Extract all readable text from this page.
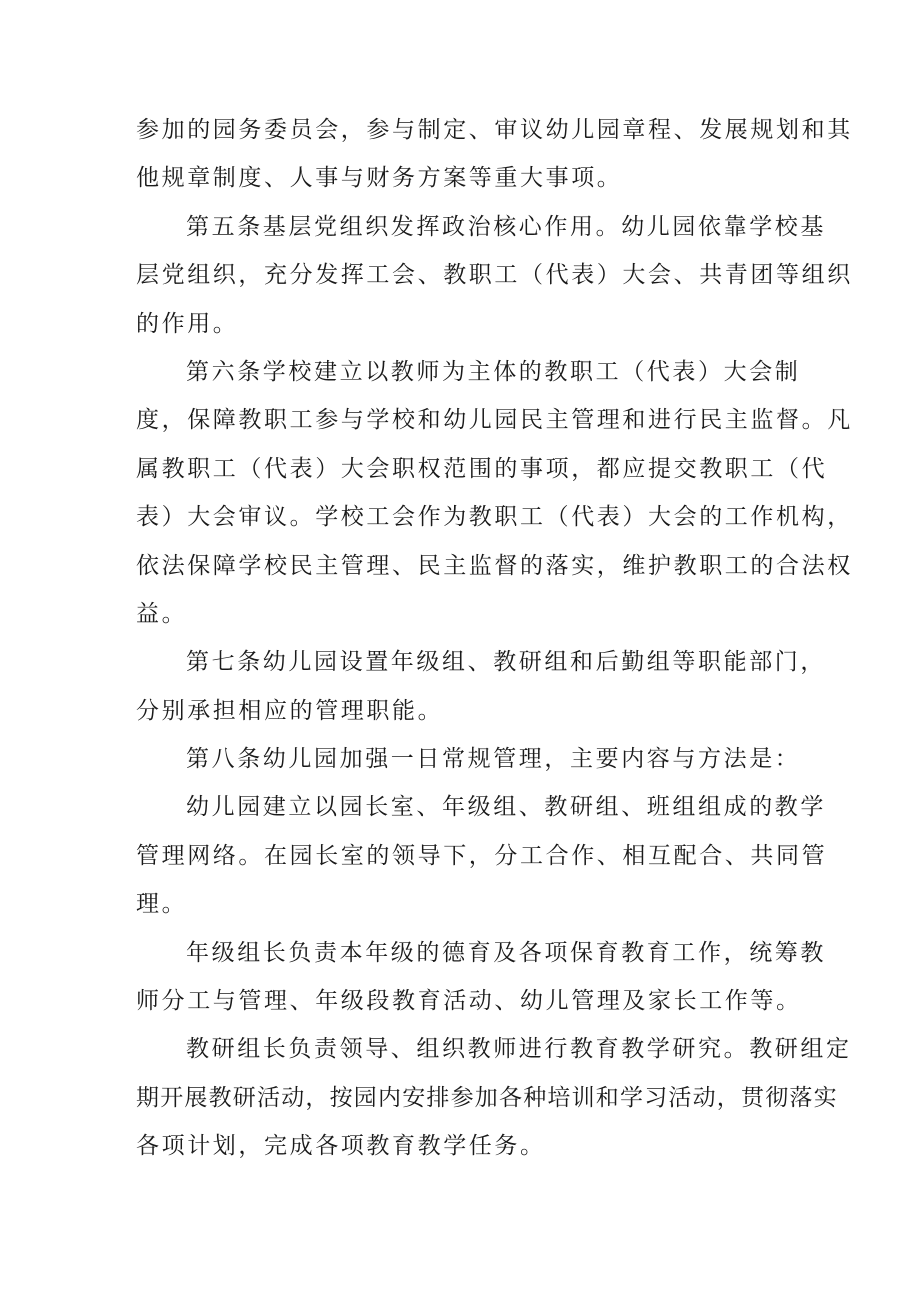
参加的园务委员会，参与制定、审议幼儿园章程、发展规划和其
他规章制度、人事与财务方案等重大事项。
第五条基层党组织发挥政治核心作用。幼儿园依靠学校基
层党组织，充分发挥工会、教职工（代表）大会、共青团等组织
的作用。
第六条学校建立以教师为主体的教职工（代表）大会制
度，保障教职工参与学校和幼儿园民主管理和进行民主监督。凡
属教职工（代表）大会职权范围的事项，都应提交教职工（代
表）大会审议。学校工会作为教职工（代表）大会的工作机构，
依法保障学校民主管理、民主监督的落实，维护教职工的合法权
益。
第七条幼儿园设置年级组、教研组和后勤组等职能部门，
分别承担相应的管理职能。
第八条幼儿园加强一日常规管理，主要内容与方法是：
幼儿园建立以园长室、年级组、教研组、班组组成的教学
管理网络。在园长室的领导下，分工合作、相互配合、共同管
理。
年级组长负责本年级的德育及各项保育教育工作，统筹教
师分工与管理、年级段教育活动、幼儿管理及家长工作等。
教研组长负责领导、组织教师进行教育教学研究。教研组定
期开展教研活动，按园内安排参加各种培训和学习活动，贯彻落实
各项计划，完成各项教育教学任务。
